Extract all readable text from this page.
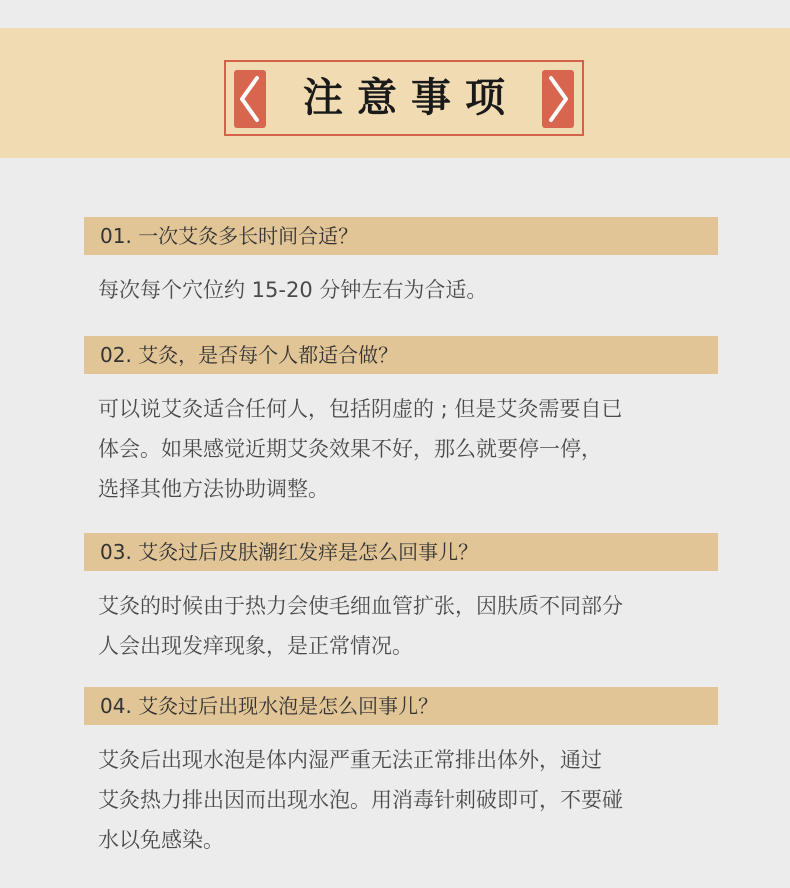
注意事项
01. 一次艾灸多长时间合适？
每次每个穴位约 15-20 分钟左右为合适。
02. 艾灸，是否每个人都适合做？
可以说艾灸适合任何人，包括阴虚的 ; 但是艾灸需要自已
体会。如果感觉近期艾灸效果不好，那么就要停一停，
选择其他方法协助调整。
03. 艾灸过后皮肤潮红发痒是怎么回事儿？
艾灸的时候由于热力会使毛细血管扩张，因肤质不同部分
人会出现发痒现象，是正常情况。
04. 艾灸过后出现水泡是怎么回事儿？
艾灸后出现水泡是体内湿严重无法正常排出体外，通过
艾灸热力排出因而出现水泡。用消毒针刺破即可，不要碰
水以免感染。
